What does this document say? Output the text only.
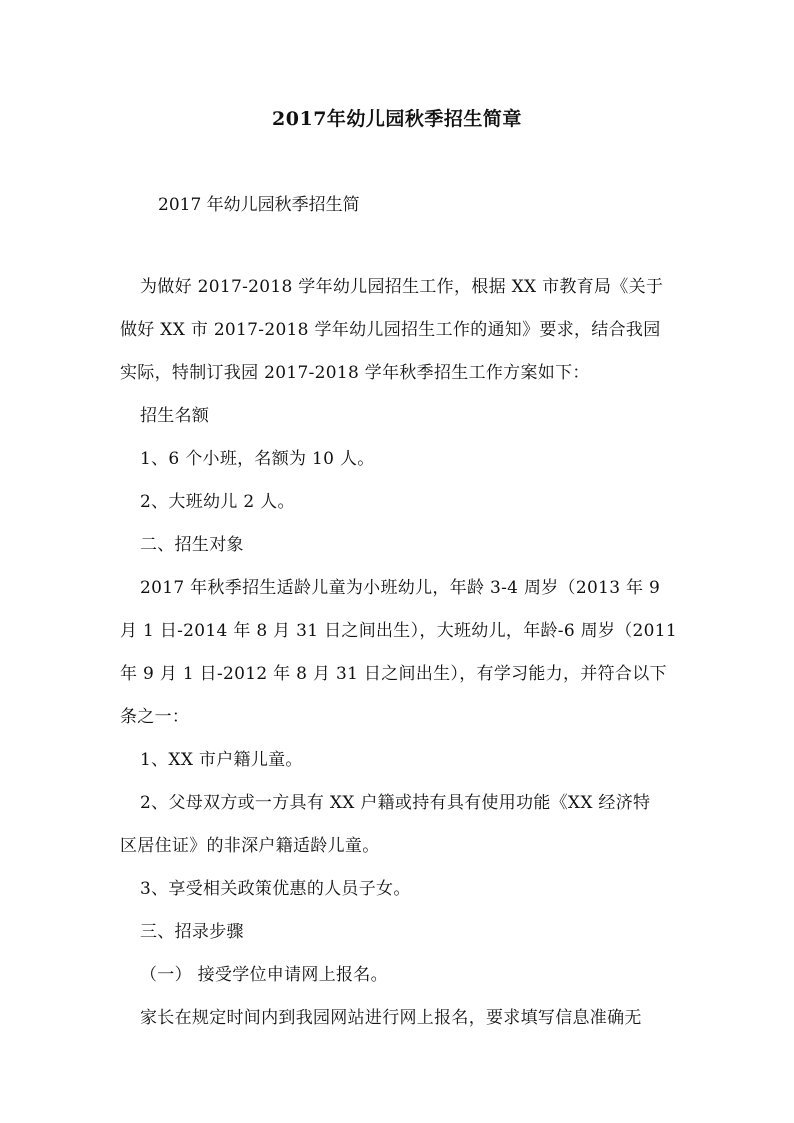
2017年幼儿园秋季招生简章
2017 年幼儿园秋季招生简
为做好 2017-2018 学年幼儿园招生工作，根据 XX 市教育局《关于
做好 XX 市 2017-2018 学年幼儿园招生工作的通知》要求，结合我园
实际，特制订我园 2017-2018 学年秋季招生工作方案如下：
招生名额
1、6 个小班，名额为 10 人。
2、大班幼儿 2 人。
二、招生对象
2017 年秋季招生适龄儿童为小班幼儿，年龄 3-4 周岁（2013 年 9
月 1 日-2014 年 8 月 31 日之间出生），大班幼儿，年龄-6 周岁（2011
年 9 月 1 日-2012 年 8 月 31 日之间出生），有学习能力，并符合以下
条之一：
1、XX 市户籍儿童。
2、父母双方或一方具有 XX 户籍或持有具有使用功能《XX 经济特
区居住证》的非深户籍适龄儿童。
3、享受相关政策优惠的人员子女。
三、招录步骤
（一） 接受学位申请网上报名。
家长在规定时间内到我园网站进行网上报名，要求填写信息准确无
